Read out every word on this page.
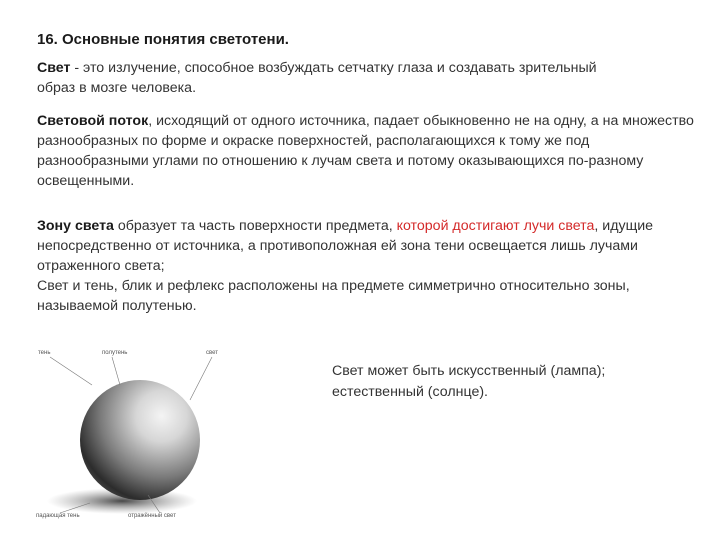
16. Основные понятия светотени.
Свет - это излучение, способное возбуждать сетчатку глаза и создавать зрительный образ в мозге человека.
Световой поток, исходящий от одного источника, падает обыкновенно не на одну, а на множество разнообразных по форме и окраске поверхностей, располагающихся к тому же под разнообразными углами по отношению к лучам света и потому оказывающихся по-разному освещенными.
Зону света образует та часть поверхности предмета, которой достигают лучи света, идущие непосредственно от источника, а противоположная ей зона тени освещается лишь лучами отраженного света;
Свет и тень, блик и рефлекс расположены на предмете симметрично относительно зоны, называемой полутенью.
тень	полутень	свет
падающая тень	отражённый свет
Свет может быть искусственный (лампа);
естественный (солнце).
